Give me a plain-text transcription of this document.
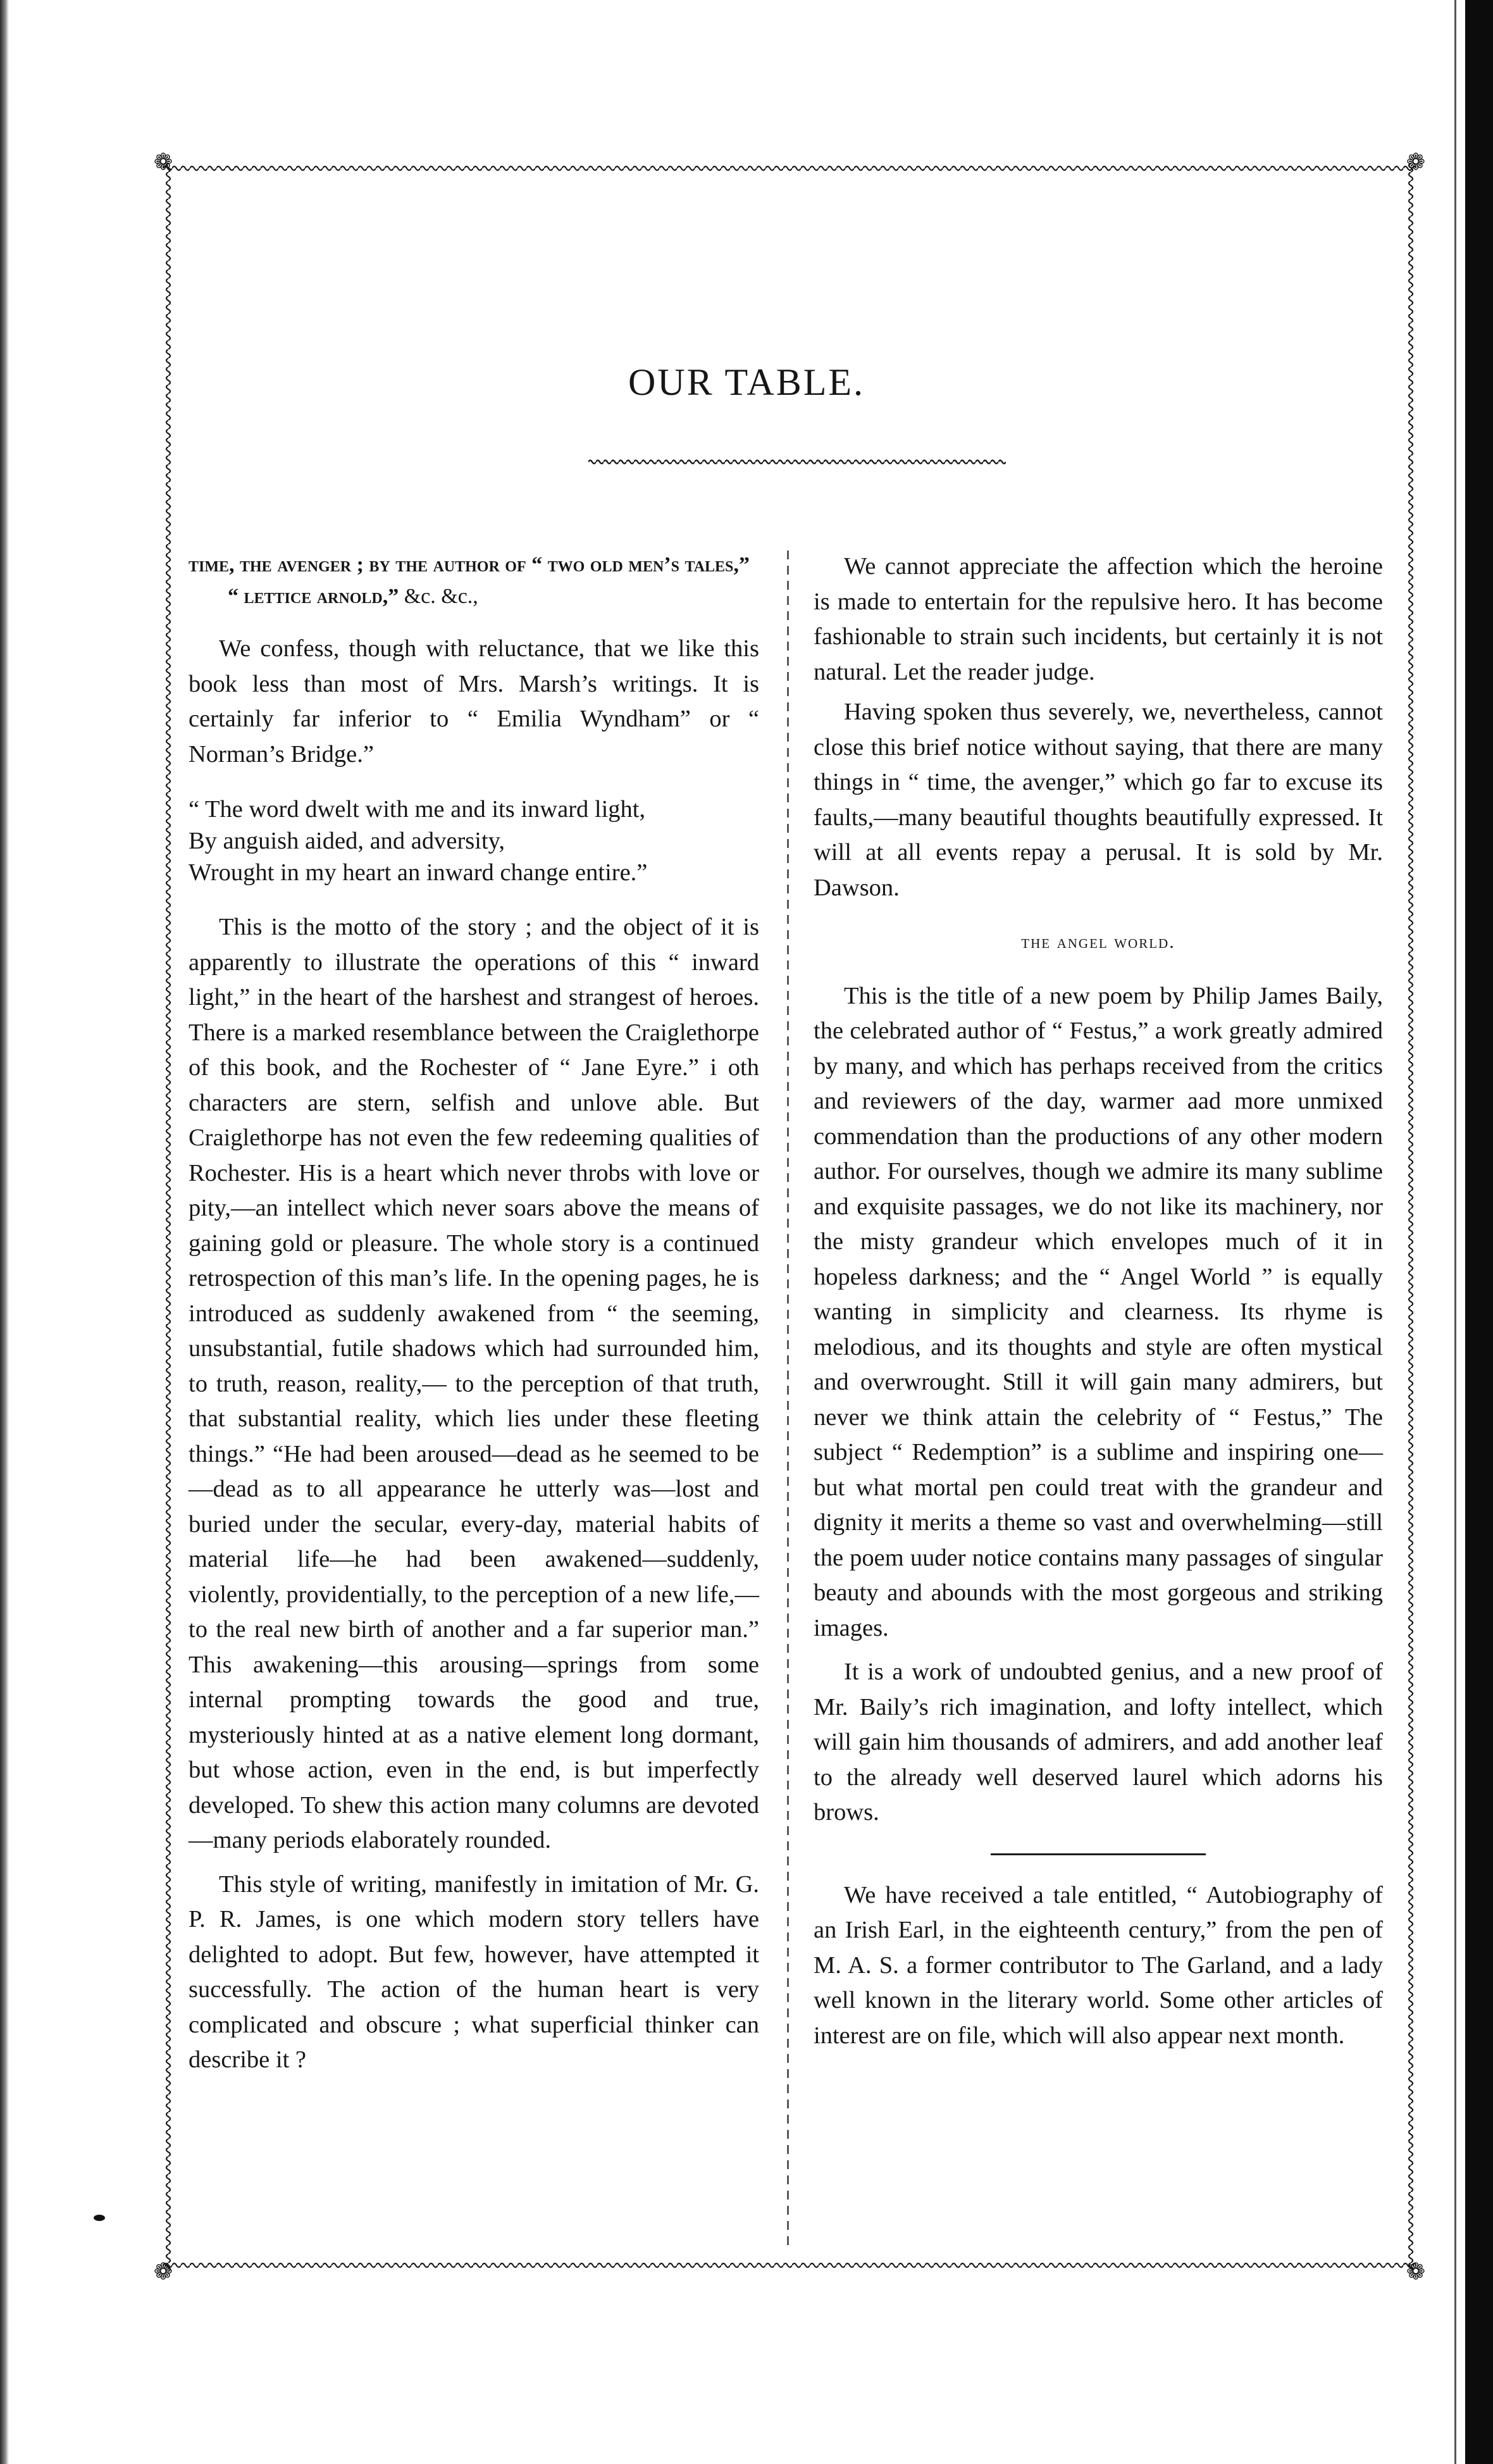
❁	❁
❁	❁
OUR TABLE.

time, the avenger ; by the author of “ two old men’s tales,” “ lettice arnold,” &c. &c.,

We confess, though with reluctance, that we like this book less than most of Mrs. Marsh’s writings. It is certainly far inferior to “ Emilia Wyndham” or “ Norman’s Bridge.”

“ The word dwelt with me and its inward light,
By anguish aided, and adversity,
Wrought in my heart an inward change entire.”

This is the motto of the story ; and the object of it is apparently to illustrate the operations of this “ inward light,” in the heart of the harshest and strangest of heroes. There is a marked resemblance between the Craiglethorpe of this book, and the Rochester of “ Jane Eyre.” i oth characters are stern, selfish and unlove able. But Craiglethorpe has not even the few redeeming qualities of Rochester. His is a heart which never throbs with love or pity,—an intellect which never soars above the means of gaining gold or pleasure. The whole story is a continued retrospection of this man’s life. In the opening pages, he is introduced as suddenly awakened from “ the seeming, unsubstantial, futile shadows which had surrounded him, to truth, reason, reality,— to the perception of that truth, that substantial reality, which lies under these fleeting things.” “He had been aroused—dead as he seemed to be—dead as to all appearance he utterly was—lost and buried under the secular, every-day, material habits of material life—he had been awakened—suddenly, violently, providentially, to the perception of a new life,—to the real new birth of another and a far superior man.” This awakening—this arousing—springs from some internal prompting towards the good and true, mysteriously hinted at as a native element long dormant, but whose action, even in the end, is but imperfectly developed. To shew this action many columns are devoted—many periods elaborately rounded.

This style of writing, manifestly in imitation of Mr. G. P. R. James, is one which modern story tellers have delighted to adopt. But few, however, have attempted it successfully. The action of the human heart is very complicated and obscure ; what superficial thinker can describe it ?

We cannot appreciate the affection which the heroine is made to entertain for the repulsive hero. It has become fashionable to strain such incidents, but certainly it is not natural. Let the reader judge.

Having spoken thus severely, we, nevertheless, cannot close this brief notice without saying, that there are many things in “ time, the avenger,” which go far to excuse its faults,—many beautiful thoughts beautifully expressed. It will at all events repay a perusal. It is sold by Mr. Dawson.

the angel world.

This is the title of a new poem by Philip James Baily, the celebrated author of “ Festus,” a work greatly admired by many, and which has perhaps received from the critics and reviewers of the day, warmer aad more unmixed commendation than the productions of any other modern author. For ourselves, though we admire its many sublime and exquisite passages, we do not like its machinery, nor the misty grandeur which envelopes much of it in hopeless darkness; and the “ Angel World ” is equally wanting in simplicity and clearness. Its rhyme is melodious, and its thoughts and style are often mystical and overwrought. Still it will gain many admirers, but never we think attain the celebrity of “ Festus,” The subject “ Redemption” is a sublime and inspiring one—but what mortal pen could treat with the grandeur and dignity it merits a theme so vast and overwhelming—still the poem uuder notice contains many passages of singular beauty and abounds with the most gorgeous and striking images.

It is a work of undoubted genius, and a new proof of Mr. Baily’s rich imagination, and lofty intellect, which will gain him thousands of admirers, and add another leaf to the already well deserved laurel which adorns his brows.

We have received a tale entitled, “ Autobiography of an Irish Earl, in the eighteenth century,” from the pen of M. A. S. a former contributor to The Garland, and a lady well known in the literary world. Some other articles of interest are on file, which will also appear next month.
